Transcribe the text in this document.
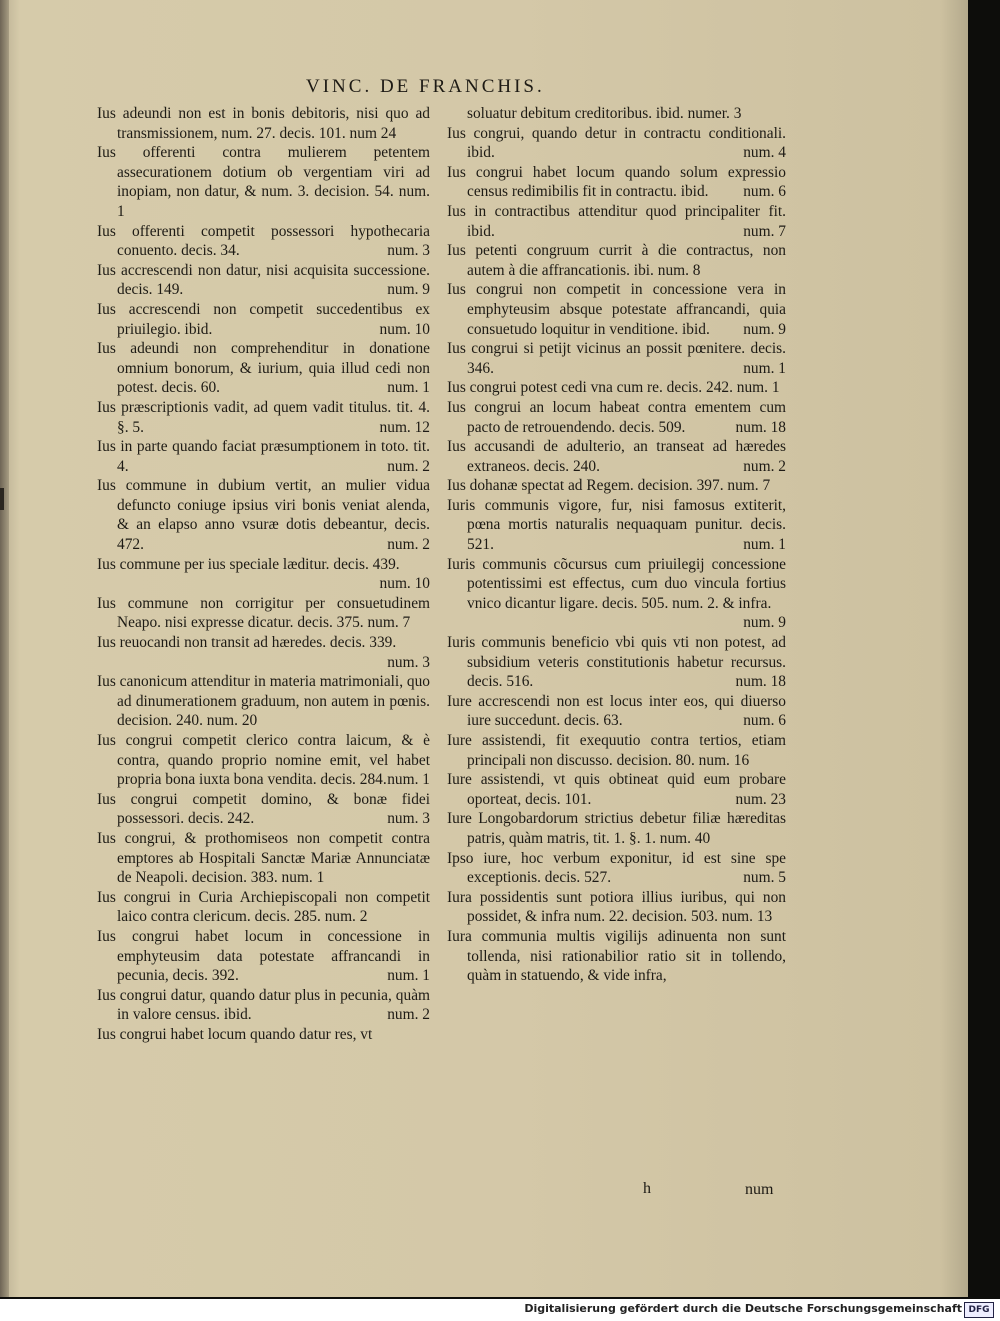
VINC. DE FRANCHIS.
Ius adeundi non est in bonis debitoris, nisi quo ad transmissionem, num. 27. decis. 101. num 24
Ius offerenti contra mulierem petentem assecurationem dotium ob vergentiam viri ad inopiam, non datur, & num. 3. decision. 54. num. 1
Ius offerenti competit possessori hypothecaria conuento. decis. 34.	num. 3
Ius accrescendi non datur, nisi acquisita successione. decis. 149.	num. 9
Ius accrescendi non competit succedentibus ex priuilegio. ibid.	num. 10
Ius adeundi non comprehenditur in donatione omnium bonorum, & iurium, quia illud cedi non potest. decis. 60.	num. 1
Ius præscriptionis vadit, ad quem vadit titulus. tit. 4. §. 5.	num. 12
Ius in parte quando faciat præsumptionem in toto. tit. 4.	num. 2
Ius commune in dubium vertit, an mulier vidua defuncto coniuge ipsius viri bonis veniat alenda, & an elapso anno vsuræ dotis debeantur, decis. 472.	num. 2
Ius commune per ius speciale læditur. decis. 439.
num. 10
Ius commune non corrigitur per consuetudinem Neapo. nisi expresse dicatur. decis. 375. num. 7
Ius reuocandi non transit ad hæredes. decis. 339.
num. 3
Ius canonicum attenditur in materia matrimoniali, quo ad dinumerationem graduum, non autem in pœnis. decision. 240. num. 20
Ius congrui competit clerico contra laicum, & è contra, quando proprio nomine emit, vel habet propria bona iuxta bona vendita. decis. 284. num. 1
Ius congrui competit domino, & bonæ fidei possessori. decis. 242.	num. 3
Ius congrui, & prothomiseos non competit contra emptores ab Hospitali Sanctæ Mariæ Annunciatæ de Neapoli. decision. 383. num. 1
Ius congrui in Curia Archiepiscopali non competit laico contra clericum. decis. 285. num. 2
Ius congrui habet locum in concessione in emphyteusim data potestate affrancandi in pecunia, decis. 392.	num. 1
Ius congrui datur, quando datur plus in pecunia, quàm in valore census. ibid.	num. 2
Ius congrui habet locum quando datur res, vt
soluatur debitum creditoribus. ibid. numer. 3
Ius congrui, quando detur in contractu conditionali. ibid.	num. 4
Ius congrui habet locum quando solum expressio census redimibilis fit in contractu. ibid. num. 6
Ius in contractibus attenditur quod principaliter fit. ibid.	num. 7
Ius petenti congruum currit à die contractus, non autem à die affrancationis. ibi. num. 8
Ius congrui non competit in concessione vera in emphyteusim absque potestate affrancandi, quia consuetudo loquitur in venditione. ibid. num. 9
Ius congrui si petijt vicinus an possit pœnitere. decis. 346.	num. 1
Ius congrui potest cedi vna cum re. decis. 242. num. 1
Ius congrui an locum habeat contra ementem cum pacto de retrouendendo. decis. 509.	num. 18
Ius accusandi de adulterio, an transeat ad hæredes extraneos. decis. 240.	num. 2
Ius dohanæ spectat ad Regem. decision. 397. num. 7
Iuris communis vigore, fur, nisi famosus extiterit, pœna mortis naturalis nequaquam punitur. decis. 521.	num. 1
Iuris communis cõcursus cum priuilegij concessione potentissimi est effectus, cum duo vincula fortius vnico dicantur ligare. decis. 505. num. 2. & infra.
num. 9
Iuris communis beneficio vbi quis vti non potest, ad subsidium veteris constitutionis habetur recursus. decis. 516.	num. 18
Iure accrescendi non est locus inter eos, qui diuerso iure succedunt. decis. 63.	num. 6
Iure assistendi, fit exequutio contra tertios, etiam principali non discusso. decision. 80. num. 16
Iure assistendi, vt quis obtineat quid eum probare oporteat, decis. 101.	num. 23
Iure Longobardorum strictius debetur filiæ hæreditas patris, quàm matris, tit. 1. §. 1. num. 40
Ipso iure, hoc verbum exponitur, id est sine spe exceptionis. decis. 527.	num. 5
Iura possidentis sunt potiora illius iuribus, qui non possidet, & infra num. 22. decision. 503. num. 13
Iura communia multis vigilijs adinuenta non sunt tollenda, nisi rationabilior ratio sit in tollendo, quàm in statuendo, & vide infra,
h	num
Digitalisierung gefördert durch die Deutsche Forschungsgemeinschaft DFG
